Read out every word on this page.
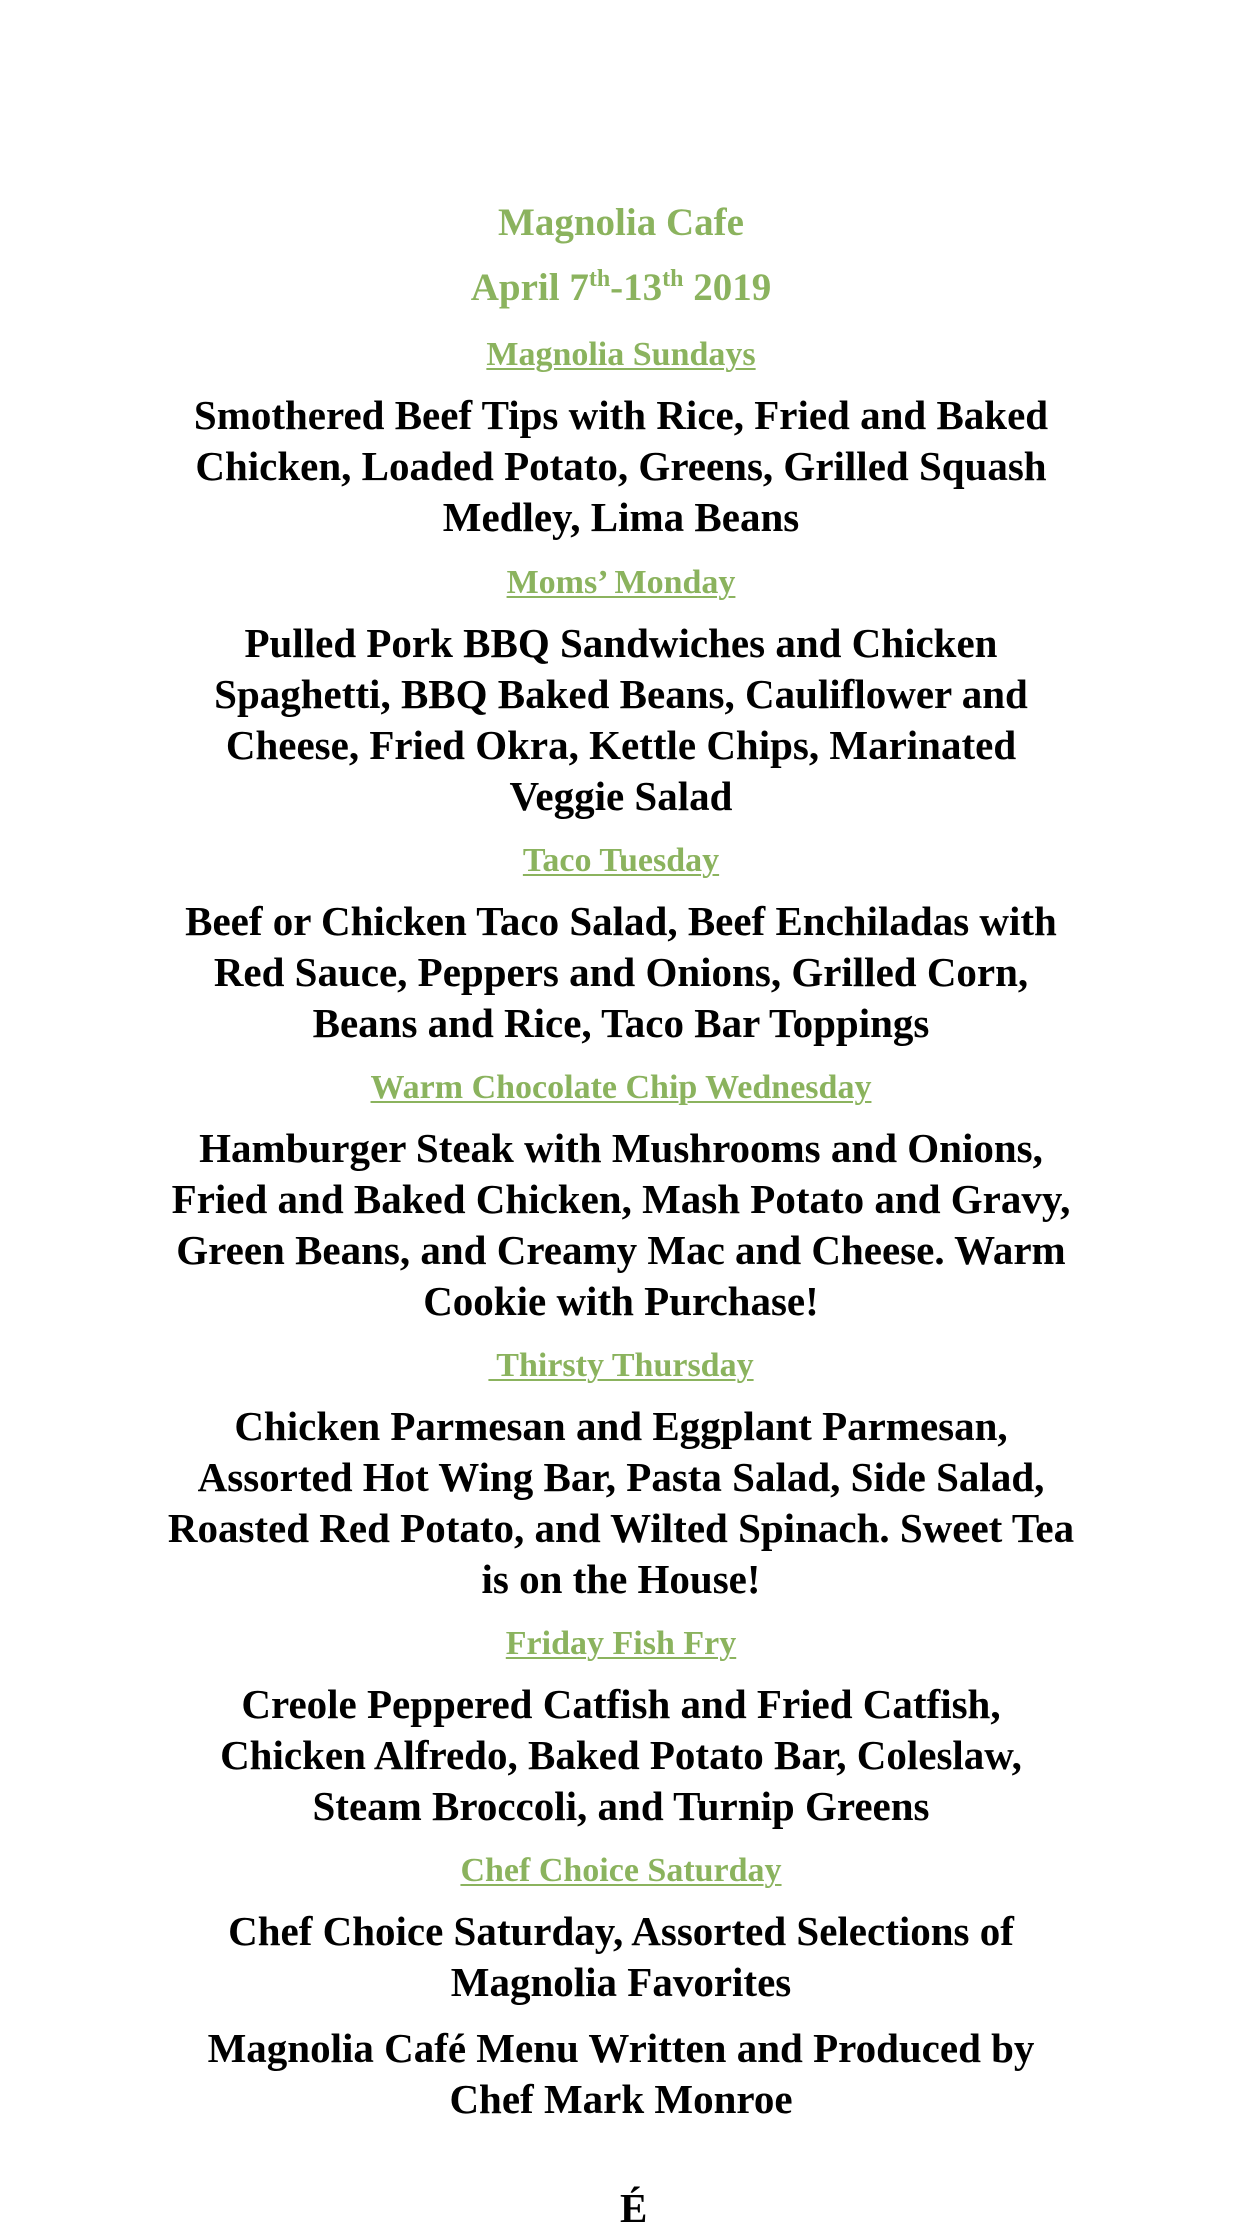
Magnolia Cafe
April 7th-13th 2019
Magnolia Sundays
Smothered Beef Tips with Rice, Fried and Baked
Chicken, Loaded Potato, Greens, Grilled Squash
Medley, Lima Beans
Moms’ Monday
Pulled Pork BBQ Sandwiches and Chicken
Spaghetti, BBQ Baked Beans, Cauliflower and
Cheese, Fried Okra, Kettle Chips, Marinated
Veggie Salad
Taco Tuesday
Beef or Chicken Taco Salad, Beef Enchiladas with
Red Sauce, Peppers and Onions, Grilled Corn,
Beans and Rice, Taco Bar Toppings
Warm Chocolate Chip Wednesday
Hamburger Steak with Mushrooms and Onions,
Fried and Baked Chicken, Mash Potato and Gravy,
Green Beans, and Creamy Mac and Cheese. Warm
Cookie with Purchase!
Thirsty Thursday
Chicken Parmesan and Eggplant Parmesan,
Assorted Hot Wing Bar, Pasta Salad, Side Salad,
Roasted Red Potato, and Wilted Spinach. Sweet Tea
is on the House!
Friday Fish Fry
Creole Peppered Catfish and Fried Catfish,
Chicken Alfredo, Baked Potato Bar, Coleslaw,
Steam Broccoli, and Turnip Greens
Chef Choice Saturday
Chef Choice Saturday, Assorted Selections of
Magnolia Favorites
Magnolia Café Menu Written and Produced by
Chef Mark Monroe
É
